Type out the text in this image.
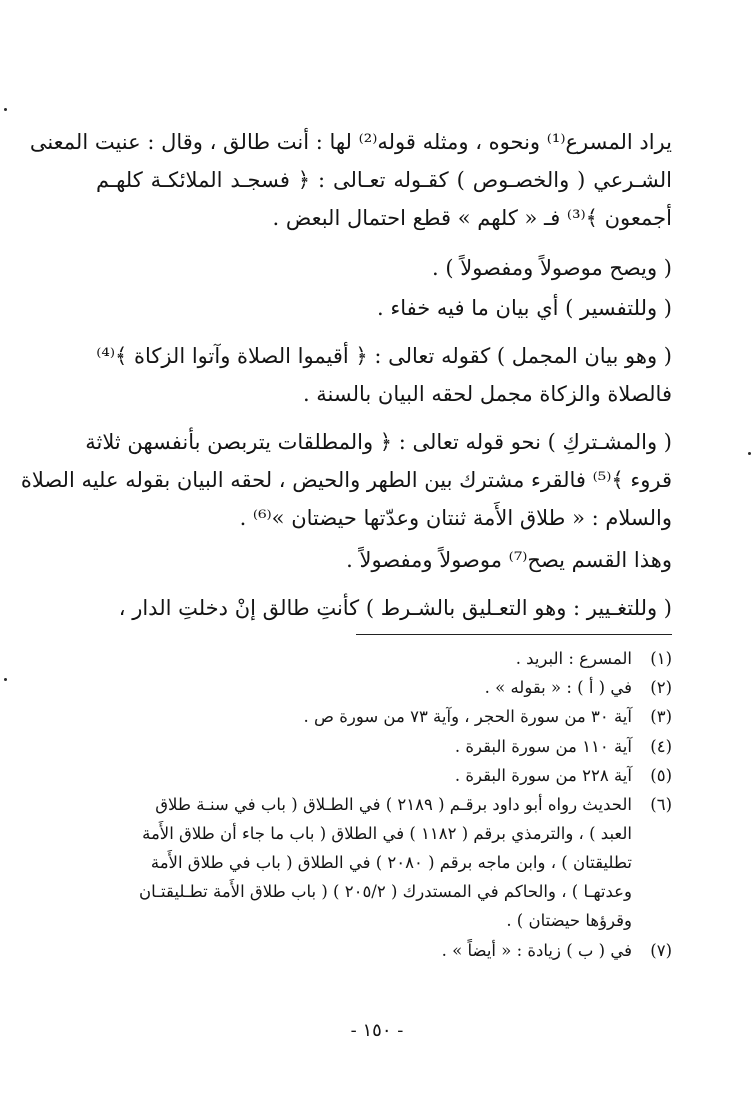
يراد المسرع⁽¹⁾ ونحوه ، ومثله قوله⁽²⁾ لها : أنت طالق ، وقال : عنيت المعنى
الشـرعي ( والخصـوص ) كقـوله تعـالى : ﴿ فسجـد الملائكـة كلهـم
أجمعون ﴾⁽³⁾ فـ « كلهم » قطع احتمال البعض .
( ويصح موصولاً ومفصولاً ) .
( وللتفسير ) أي بيان ما فيه خفاء .
( وهو بيان المجمل ) كقوله تعالى : ﴿ أقيموا الصلاة وآتوا الزكاة ﴾⁽⁴⁾
فالصلاة والزكاة مجمل لحقه البيان بالسنة .
( والمشـتركِ ) نحو قوله تعالى : ﴿ والمطلقات يتربصن بأنفسهن ثلاثة
قروء ﴾⁽⁵⁾ فالقرء مشترك بين الطهر والحيض ، لحقه البيان بقوله عليه الصلاة
والسلام : « طلاق الأَمة ثنتان وعدّتها حيضتان »⁽⁶⁾ .
وهذا القسم يصح⁽⁷⁾ موصولاً ومفصولاً .
( وللتغـيير : وهو التعـليق بالشـرط ) كأنتِ طالق إنْ دخلتِ الدار ،
(١)المسرع : البريد .
(٢)في ( أ ) : « بقوله » .
(٣)آية ٣٠ من سورة الحجر ، وآية ٧٣ من سورة ص .
(٤)آية ١١٠ من سورة البقرة .
(٥)آية ٢٢٨ من سورة البقرة .
(٦)الحديث رواه أبو داود برقـم ( ٢١٨٩ ) في الطـلاق ( باب في سنـة طلاق
العبد ) ، والترمذي برقم ( ١١٨٢ ) في الطلاق ( باب ما جاء أن طلاق الأَمة
تطليقتان ) ، وابن ماجه برقم ( ٢٠٨٠ ) في الطلاق ( باب في طلاق الأَمة
وعدتهـا ) ، والحاكم في المستدرك ( ٢٠٥/٢ ) ( باب طلاق الأَمة تطـليقتـان
وقرؤها حيضتان ) .
(٧)في ( ب ) زيادة : « أيضاً » .
- ١٥٠ -
